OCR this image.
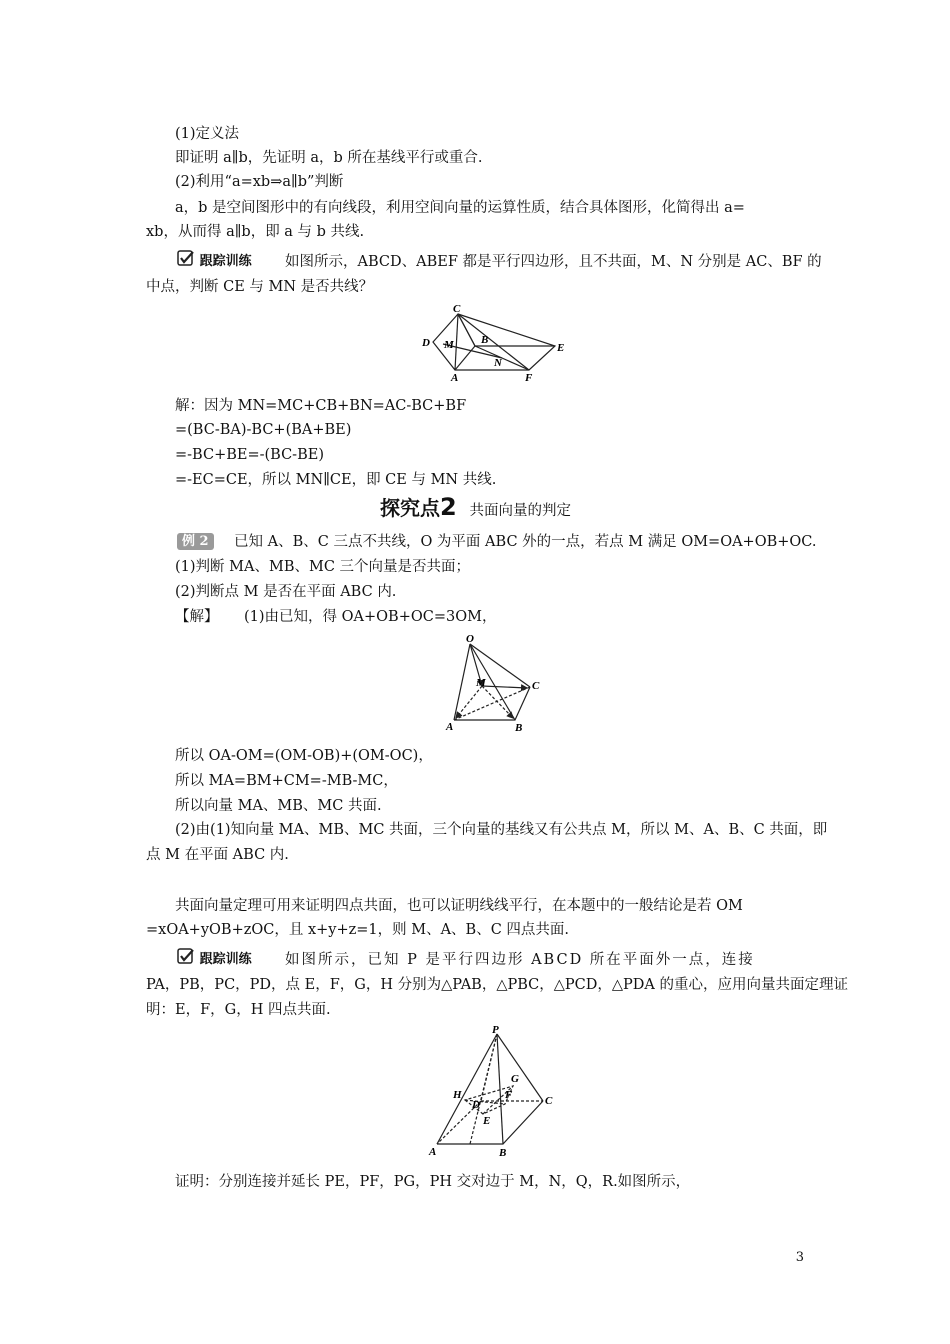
(1)定义法
即证明 a∥b，先证明 a，b 所在基线平行或重合.
(2)利用“a=xb⇒a∥b”判断
a，b 是空间图形中的有向线段，利用空间向量的运算性质，结合具体图形，化简得出 a=
xb，从而得 a∥b，即 a 与 b 共线.
跟踪训练 如图所示，ABCD、ABEF 都是平行四边形，且不共面，M、N 分别是 AC、BF 的
中点，判断 CE 与 MN 是否共线？
C
D M B
E
N
A	F
解：因为 MN=MC+CB+BN=AC-BC+BF
=(BC-BA)-BC+(BA+BE)
=-BC+BE=-(BC-BE)
=-EC=CE，所以 MN∥CE，即 CE 与 MN 共线.
探究点2 共面向量的判定
例 2	已知 A、B、C 三点不共线，O 为平面 ABC 外的一点，若点 M 满足 OM=OA+OB+OC.
(1)判断 MA、MB、MC 三个向量是否共面；
(2)判断点 M 是否在平面 ABC 内.
【解】 (1)由已知，得 OA+OB+OC=3OM，
O
M	C
A	B
所以 OA-OM=(OM-OB)+(OM-OC)，
所以 MA=BM+CM=-MB-MC，
所以向量 MA、MB、MC 共面.
(2)由(1)知向量 MA、MB、MC 共面，三个向量的基线又有公共点 M，所以 M、A、B、C 共面，即
点 M 在平面 ABC 内.
共面向量定理可用来证明四点共面，也可以证明线线平行，在本题中的一般结论是若 OM
=xOA+yOB+zOC，且 x+y+z=1，则 M、A、B、C 四点共面.
跟踪训练 如图所示，已知 P 是平行四边形 ABCD 所在平面外一点，连接
PA，PB，PC，PD，点 E，F，G，H 分别为△PAB，△PBC，△PCD，△PDA 的重心，应用向量共面定理证
明：E，F，G，H 四点共面.
P
G
H	F
D	C
E
A	B
证明：分别连接并延长 PE，PF，PG，PH 交对边于 M，N，Q，R.如图所示，
3
